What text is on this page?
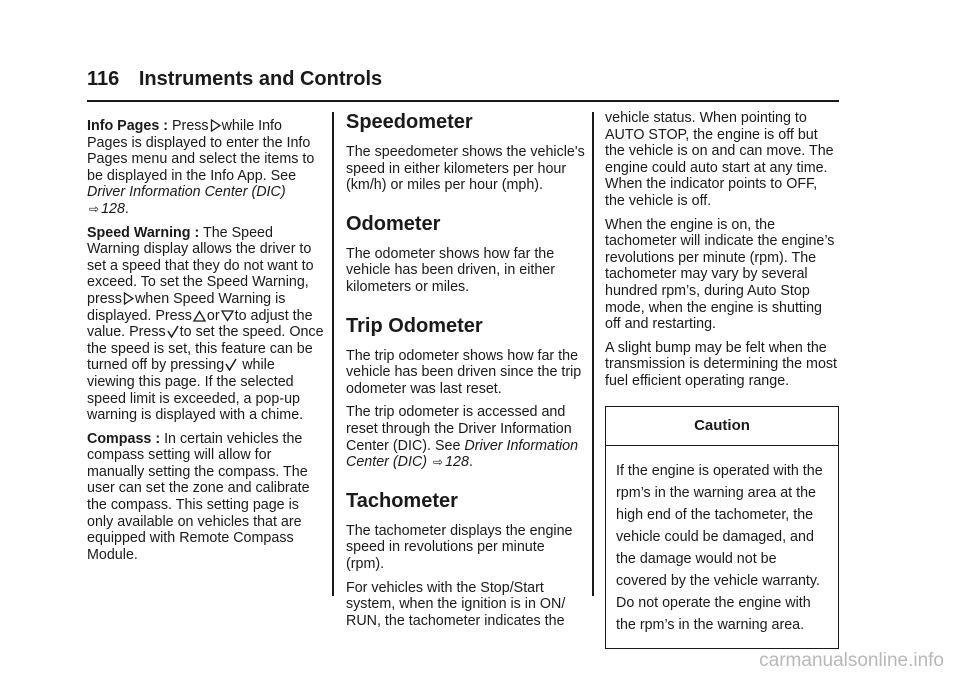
116 Instruments and Controls

Info Pages : Press while Info Pages is displayed to enter the Info Pages menu and select the items to be displayed in the Info App. See Driver Information Center (DIC) ⇨ 128.

Speed Warning : The Speed Warning display allows the driver to set a speed that they do not want to exceed. To set the Speed Warning, press when Speed Warning is displayed. Press or to adjust the value. Press to set the speed. Once the speed is set, this feature can be turned off by pressing while viewing this page. If the selected speed limit is exceeded, a pop-up warning is displayed with a chime.

Compass : In certain vehicles the compass setting will allow for manually setting the compass. The user can set the zone and calibrate the compass. This setting page is only available on vehicles that are equipped with Remote Compass Module.

Speedometer

The speedometer shows the vehicle's speed in either kilometers per hour (km/h) or miles per hour (mph).

Odometer

The odometer shows how far the vehicle has been driven, in either kilometers or miles.

Trip Odometer

The trip odometer shows how far the vehicle has been driven since the trip odometer was last reset.

The trip odometer is accessed and reset through the Driver Information Center (DIC). See Driver Information Center (DIC) ⇨ 128.

Tachometer

The tachometer displays the engine speed in revolutions per minute (rpm).

For vehicles with the Stop/Start system, when the ignition is in ON/ RUN, the tachometer indicates the

vehicle status. When pointing to AUTO STOP, the engine is off but the vehicle is on and can move. The engine could auto start at any time. When the indicator points to OFF, the vehicle is off.

When the engine is on, the tachometer will indicate the engine’s revolutions per minute (rpm). The tachometer may vary by several hundred rpm’s, during Auto Stop mode, when the engine is shutting off and restarting.

A slight bump may be felt when the transmission is determining the most fuel efficient operating range.

Caution
If the engine is operated with the rpm’s in the warning area at the high end of the tachometer, the vehicle could be damaged, and the damage would not be covered by the vehicle warranty. Do not operate the engine with the rpm’s in the warning area.
carmanualsonline.info
